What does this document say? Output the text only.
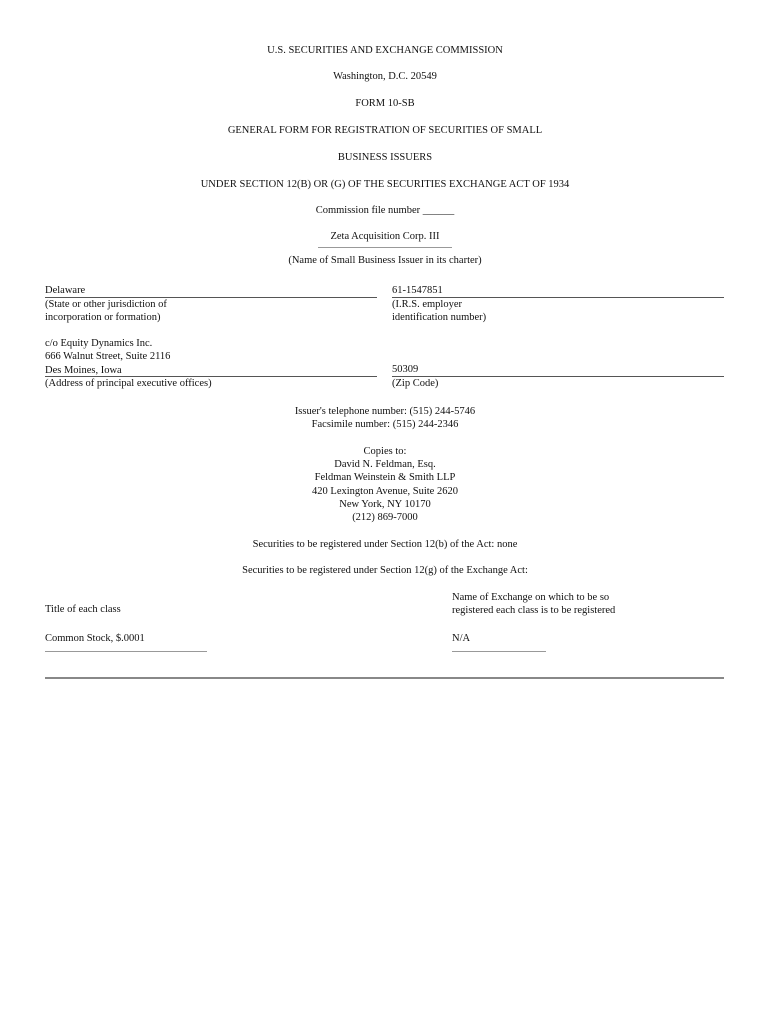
U.S. SECURITIES AND EXCHANGE COMMISSION
Washington, D.C. 20549
FORM 10-SB
GENERAL FORM FOR REGISTRATION OF SECURITIES OF SMALL
BUSINESS ISSUERS
UNDER SECTION 12(B) OR (G) OF THE SECURITIES EXCHANGE ACT OF 1934
Commission file number ______
Zeta Acquisition Corp. III
(Name of Small Business Issuer in its charter)
Delaware
(State or other jurisdiction of
incorporation or formation)
61-1547851
(I.R.S. employer
identification number)
c/o Equity Dynamics Inc.
666 Walnut Street, Suite 2116
Des Moines, Iowa
(Address of principal executive offices)
50309
(Zip Code)
Issuer's telephone number: (515) 244-5746
Facsimile number: (515) 244-2346
Copies to:
David N. Feldman, Esq.
Feldman Weinstein & Smith LLP
420 Lexington Avenue, Suite 2620
New York, NY 10170
(212) 869-7000
Securities to be registered under Section 12(b) of the Act: none
Securities to be registered under Section 12(g) of the Exchange Act:
Title of each class
Name of Exchange on which to be so
registered each class is to be registered
Common Stock, $.0001	N/A
